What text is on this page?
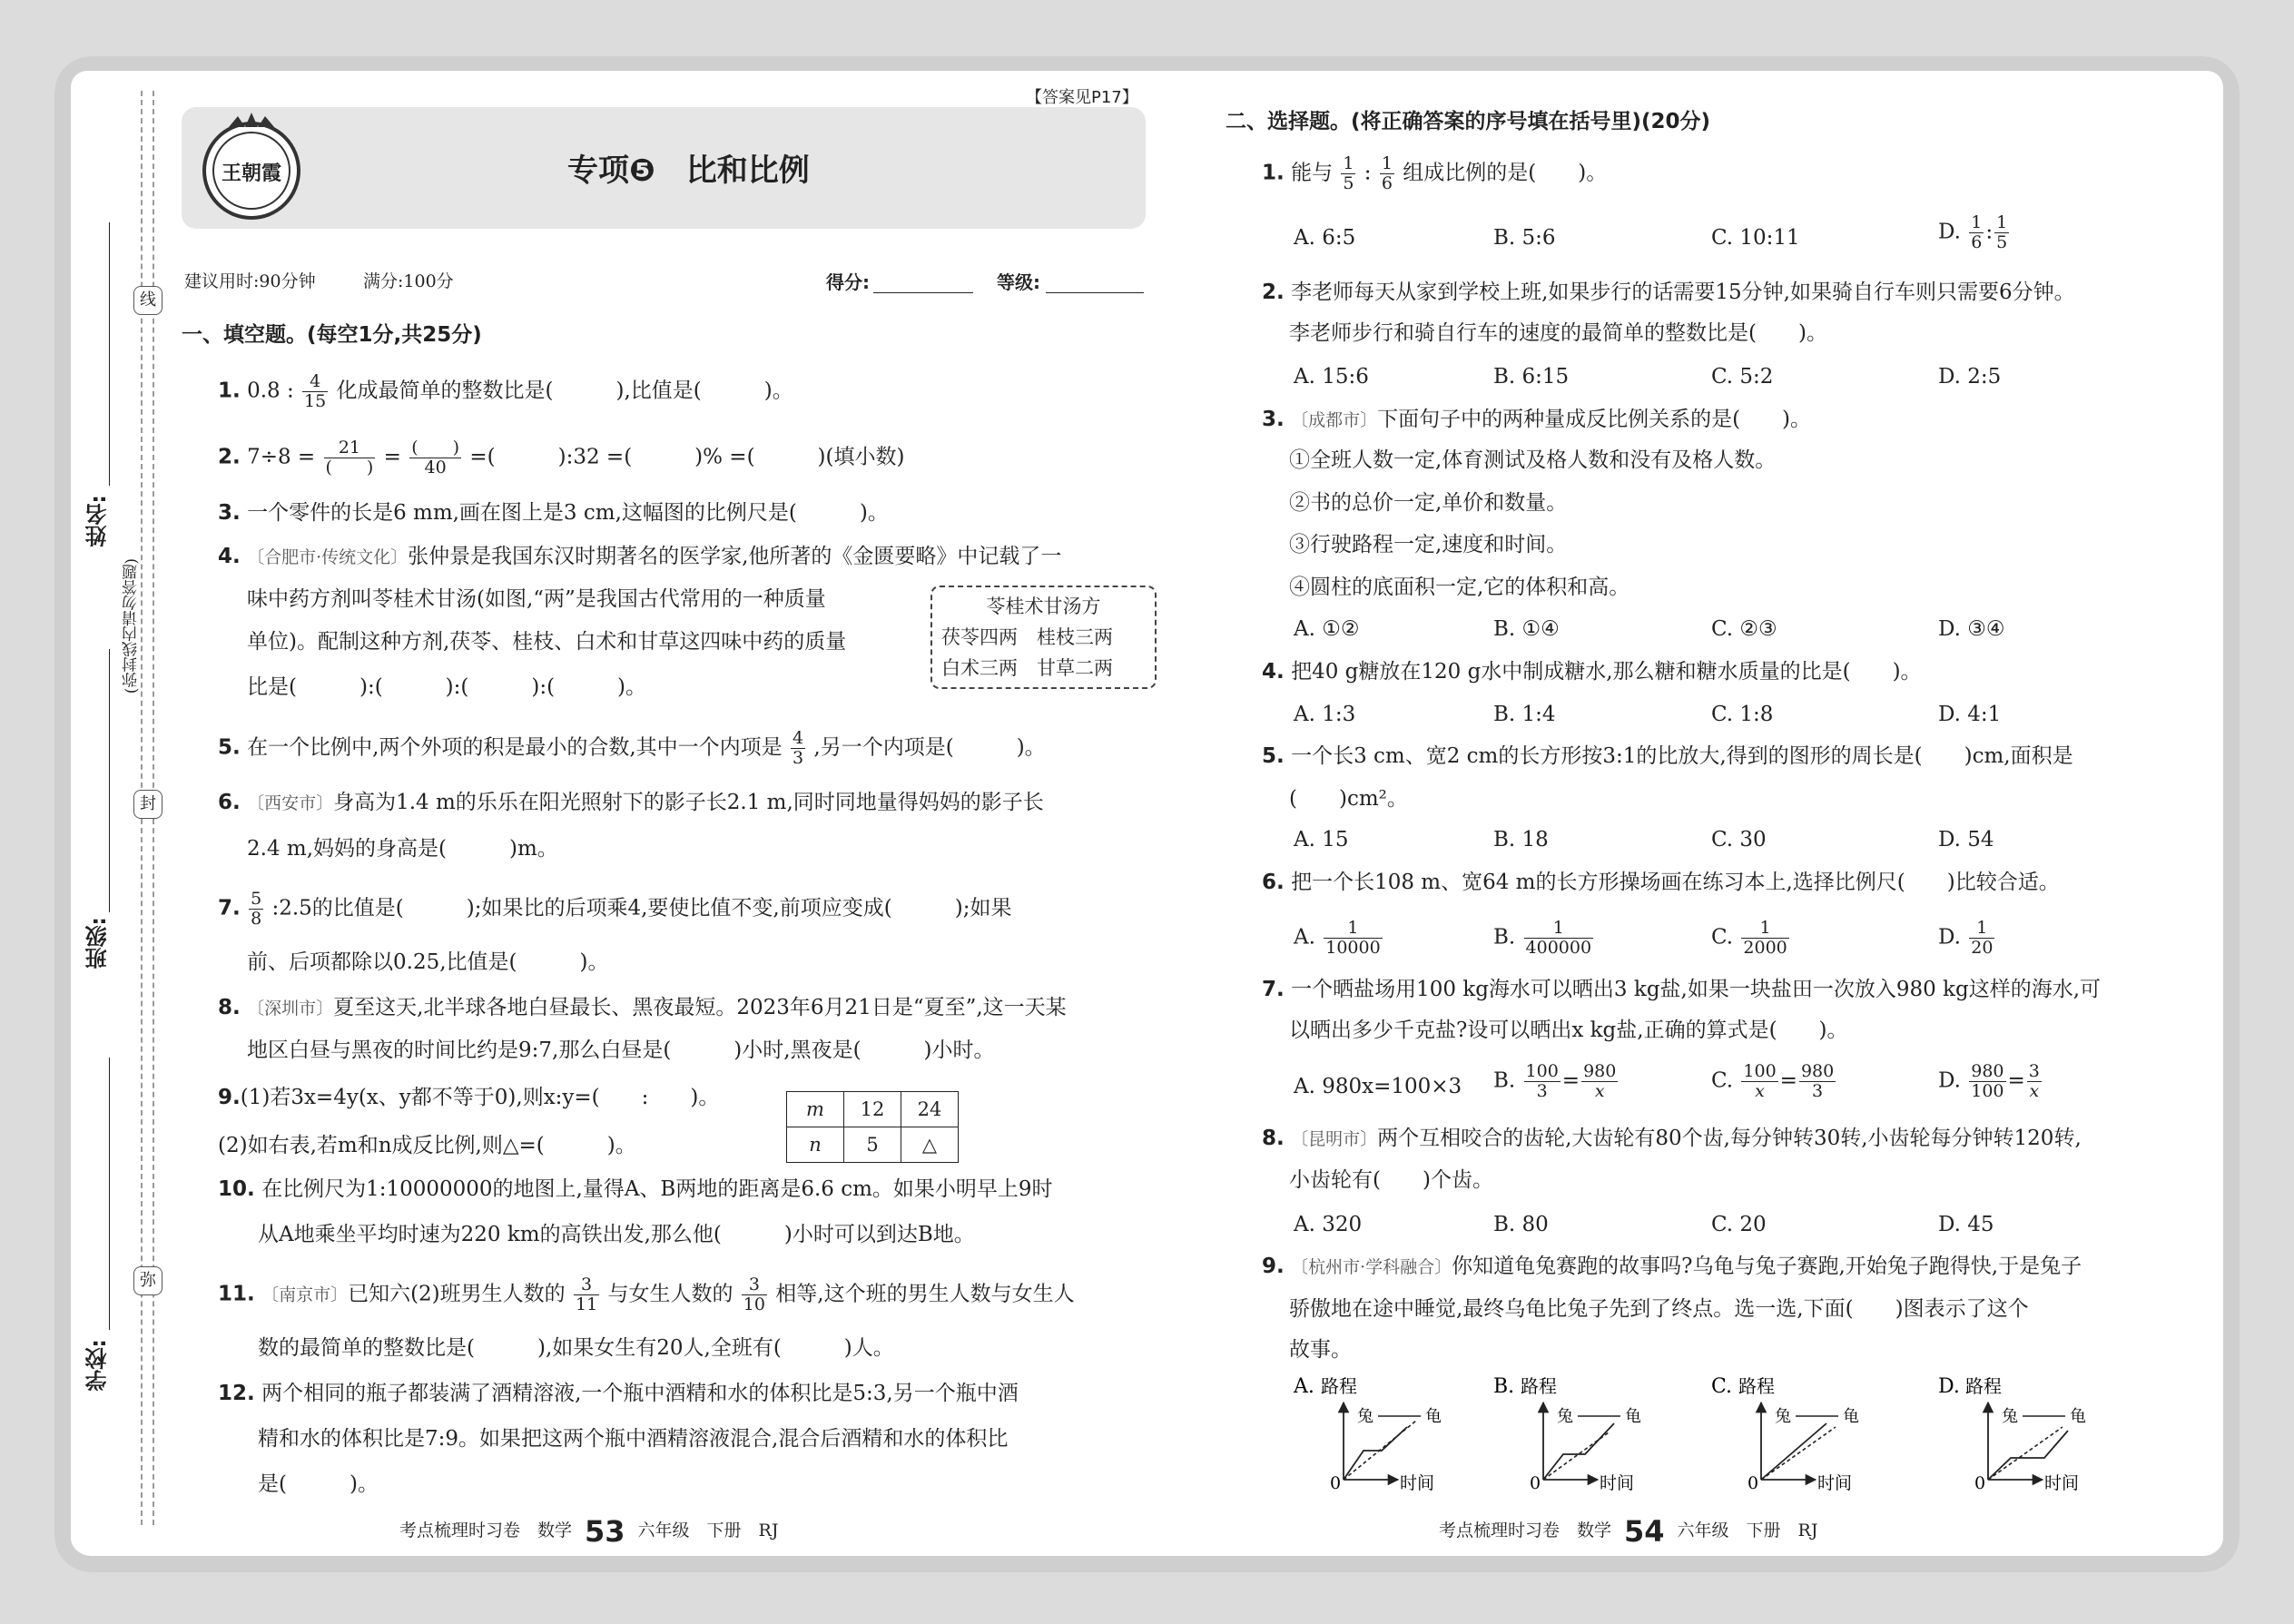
线
封
弥
姓名:
班级:
学校:
(弥封线内请勿答题)
【答案见P17】
王朝霞	专项❺　比和比例
建议用时:90分钟	满分:100分	得分:	等级:
一、填空题。(每空1分,共25分)
1. 0.8 : $\frac{4}{15}$ 化成最简单的整数比是(　　　),比值是(　　　)。
2. $7\div 8 = \frac{21}{( )} = \frac{( )}{40}$ =(　　　):32 =(　　　)% =(　　　)(填小数)
3. 一个零件的长是6 mm,画在图上是3 cm,这幅图的比例尺是(　　　)。
4. 〔合肥市·传统文化〕张仲景是我国东汉时期著名的医学家,他所著的《金匮要略》中记载了一
味中药方剂叫苓桂术甘汤(如图,“两”是我国古代常用的一种质量
单位)。配制这种方剂,茯苓、桂枝、白术和甘草这四味中药的质量
比是(　　　):(　　　):(　　　):(　　　)。
苓桂术甘汤方
茯苓四两　桂枝三两
白术三两　甘草二两
5. 在一个比例中,两个外项的积是最小的合数,其中一个内项是 $\frac{4}{3}$ ,另一个内项是(　　　)。
6. 〔西安市〕身高为1.4 m的乐乐在阳光照射下的影子长2.1 m,同时同地量得妈妈的影子长
2.4 m,妈妈的身高是(　　　)m。
7. $\frac{5}{8}$ :2.5的比值是(　　　);如果比的后项乘4,要使比值不变,前项应变成(　　　);如果
前、后项都除以0.25,比值是(　　　)。
8. 〔深圳市〕夏至这天,北半球各地白昼最长、黑夜最短。2023年6月21日是“夏至”,这一天某
地区白昼与黑夜的时间比约是9:7,那么白昼是(　　　)小时,黑夜是(　　　)小时。
9.(1)若3x=4y(x、y都不等于0),则x:y=(　　:　　)。
(2)如右表,若m和n成反比例,则△=(　　　)。
m	12	24
n	5	△
10. 在比例尺为1:10000000的地图上,量得A、B两地的距离是6.6 cm。如果小明早上9时
从A地乘坐平均时速为220 km的高铁出发,那么他(　　　)小时可以到达B地。
11. 〔南京市〕已知六(2)班男生人数的 $\frac{3}{11}$ 与女生人数的 $\frac{3}{10}$ 相等,这个班的男生人数与女生人
数的最简单的整数比是(　　　),如果女生有20人,全班有(　　　)人。
12. 两个相同的瓶子都装满了酒精溶液,一个瓶中酒精和水的体积比是5:3,另一个瓶中酒
精和水的体积比是7:9。如果把这两个瓶中酒精溶液混合,混合后酒精和水的体积比
是(　　　)。
考点梳理时习卷　数学 53 六年级　下册　RJ
二、选择题。(将正确答案的序号填在括号里)(20分)
1. 能与 $\frac{1}{5}$ : $\frac{1}{6}$ 组成比例的是(　　)。
A. 6:5	B. 5:6	C. 10:11	D. $\frac{1}{6}$ : $\frac{1}{5}$
2. 李老师每天从家到学校上班,如果步行的话需要15分钟,如果骑自行车则只需要6分钟。
李老师步行和骑自行车的速度的最简单的整数比是(　　)。
A. 15:6	B. 6:15	C. 5:2	D. 2:5
3. 〔成都市〕下面句子中的两种量成反比例关系的是(　　)。
①全班人数一定,体育测试及格人数和没有及格人数。
②书的总价一定,单价和数量。
③行驶路程一定,速度和时间。
④圆柱的底面积一定,它的体积和高。
A. ①②	B. ①④	C. ②③	D. ③④
4. 把40 g糖放在120 g水中制成糖水,那么糖和糖水质量的比是(　　)。
A. 1:3	B. 1:4	C. 1:8	D. 4:1
5. 一个长3 cm、宽2 cm的长方形按3:1的比放大,得到的图形的周长是(　　)cm,面积是
(　　)cm²。
A. 15	B. 18	C. 30	D. 54
6. 把一个长108 m、宽64 m的长方形操场画在练习本上,选择比例尺(　　)比较合适。
A. $\frac{1}{10000}$	B. $\frac{1}{400000}$	C. $\frac{1}{2000}$	D. $\frac{1}{20}$
7. 一个晒盐场用100 kg海水可以晒出3 kg盐,如果一块盐田一次放入980 kg这样的海水,可
以晒出多少千克盐?设可以晒出x kg盐,正确的算式是(　　)。
A. 980x=100×3 B. $\frac{100}{3} = \frac{980}{x}$	C. $\frac{100}{x} = \frac{980}{3}$	D. $\frac{980}{100} = \frac{3}{x}$
8. 〔昆明市〕两个互相咬合的齿轮,大齿轮有80个齿,每分钟转30转,小齿轮每分钟转120转,
小齿轮有(　　)个齿。
A. 320	B. 80	C. 20	D. 45
9. 〔杭州市·学科融合〕你知道龟兔赛跑的故事吗?乌龟与兔子赛跑,开始兔子跑得快,于是兔子
骄傲地在途中睡觉,最终乌龟比兔子先到了终点。选一选,下面(　　)图表示了这个
故事。
A. 路程
0	时间
兔	龟
B. 路程
0	时间
兔	龟
C. 路程
0	时间
兔	龟
D. 路程
0	时间
兔	龟
考点梳理时习卷　数学 54 六年级　下册　RJ
